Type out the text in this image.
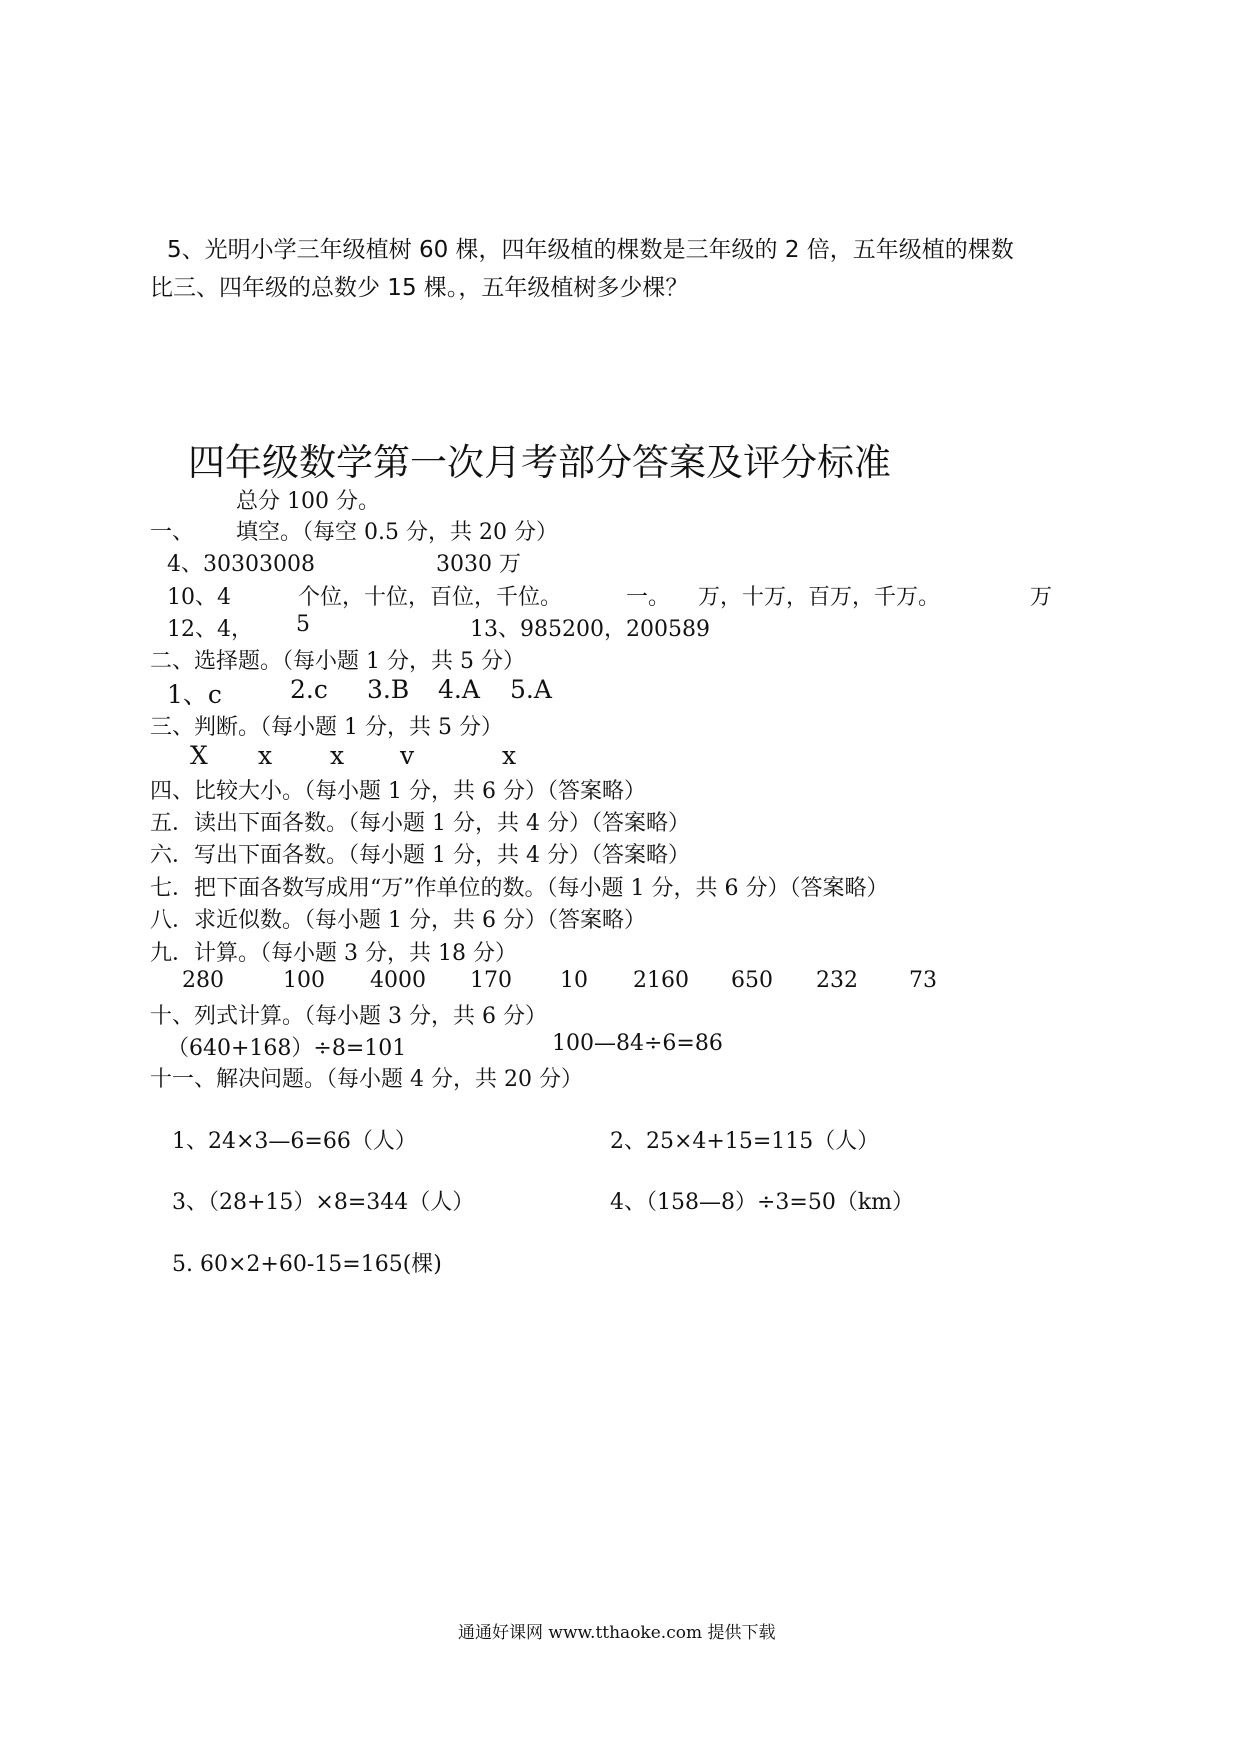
5、光明小学三年级植树 60 棵，四年级植的棵数是三年级的 2 倍，五年级植的棵数
比三、四年级的总数少 15 棵。，五年级植树多少棵？
四年级数学第一次月考部分答案及评分标准
总分 100 分。
一、 填空。（每空 0.5 分，共 20 分）
4、30303008	3030 万
10、4	个位，十位，百位，千位。	一。 万，十万，百万，千万。	万
12、4， 5	13、985200，200589
二、选择题。（每小题 1 分，共 5 分）
1、c	2.c 3.B 4.A 5.A
三、判断。（每小题 1 分，共 5 分）
X x x v	x
四、比较大小。（每小题 1 分，共 6 分）（答案略）
五．读出下面各数。（每小题 1 分，共 4 分）（答案略）
六．写出下面各数。（每小题 1 分，共 4 分）（答案略）
七．把下面各数写成用“万”作单位的数。（每小题 1 分，共 6 分）（答案略）
八．求近似数。（每小题 1 分，共 6 分）（答案略）
九．计算。（每小题 3 分，共 18 分）
280	100 4000 170 10 2160 650 232 73
十、列式计算。（每小题 3 分，共 6 分）
（640+168）÷8=101	100—84÷6=86
十一、解决问题。（每小题 4 分，共 20 分）
1、24×3—6=66（人）	2、25×4+15=115（人）
3、（28+15）×8=344（人）	4、（158—8）÷3=50（km）
5. 60×2+60-15=165(棵)
通通好课网 www.tthaoke.com 提供下载
